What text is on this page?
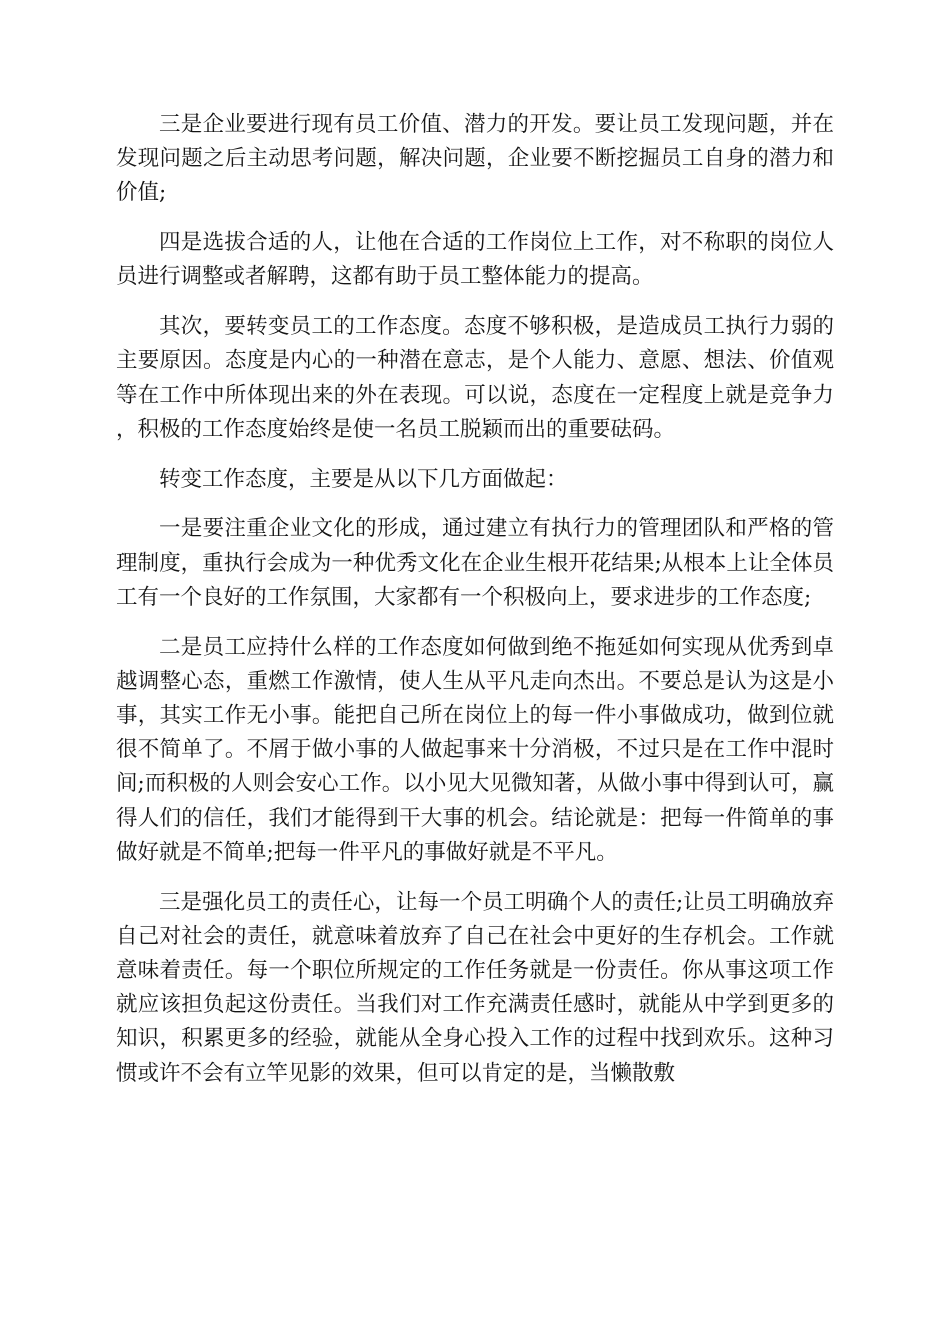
三是企业要进行现有员工价值、潜力的开发。要让员工发现问题，并在发现问题之后主动思考问题，解决问题，企业要不断挖掘员工自身的潜力和价值;

四是选拔合适的人，让他在合适的工作岗位上工作，对不称职的岗位人员进行调整或者解聘，这都有助于员工整体能力的提高。

其次，要转变员工的工作态度。态度不够积极，是造成员工执行力弱的主要原因。态度是内心的一种潜在意志，是个人能力、意愿、想法、价值观等在工作中所体现出来的外在表现。可以说，态度在一定程度上就是竞争力，积极的工作态度始终是使一名员工脱颖而出的重要砝码。

转变工作态度，主要是从以下几方面做起：

一是要注重企业文化的形成，通过建立有执行力的管理团队和严格的管理制度，重执行会成为一种优秀文化在企业生根开花结果;从根本上让全体员工有一个良好的工作氛围，大家都有一个积极向上，要求进步的工作态度;

二是员工应持什么样的工作态度如何做到绝不拖延如何实现从优秀到卓越调整心态，重燃工作激情，使人生从平凡走向杰出。不要总是认为这是小事，其实工作无小事。能把自己所在岗位上的每一件小事做成功，做到位就很不简单了。不屑于做小事的人做起事来十分消极，不过只是在工作中混时间;而积极的人则会安心工作。以小见大见微知著，从做小事中得到认可，赢得人们的信任，我们才能得到干大事的机会。结论就是：把每一件简单的事做好就是不简单;把每一件平凡的事做好就是不平凡。

三是强化员工的责任心，让每一个员工明确个人的责任;让员工明确放弃自己对社会的责任，就意味着放弃了自己在社会中更好的生存机会。工作就意味着责任。每一个职位所规定的工作任务就是一份责任。你从事这项工作就应该担负起这份责任。当我们对工作充满责任感时，就能从中学到更多的知识，积累更多的经验，就能从全身心投入工作的过程中找到欢乐。这种习惯或许不会有立竿见影的效果，但可以肯定的是，当懒散敷
